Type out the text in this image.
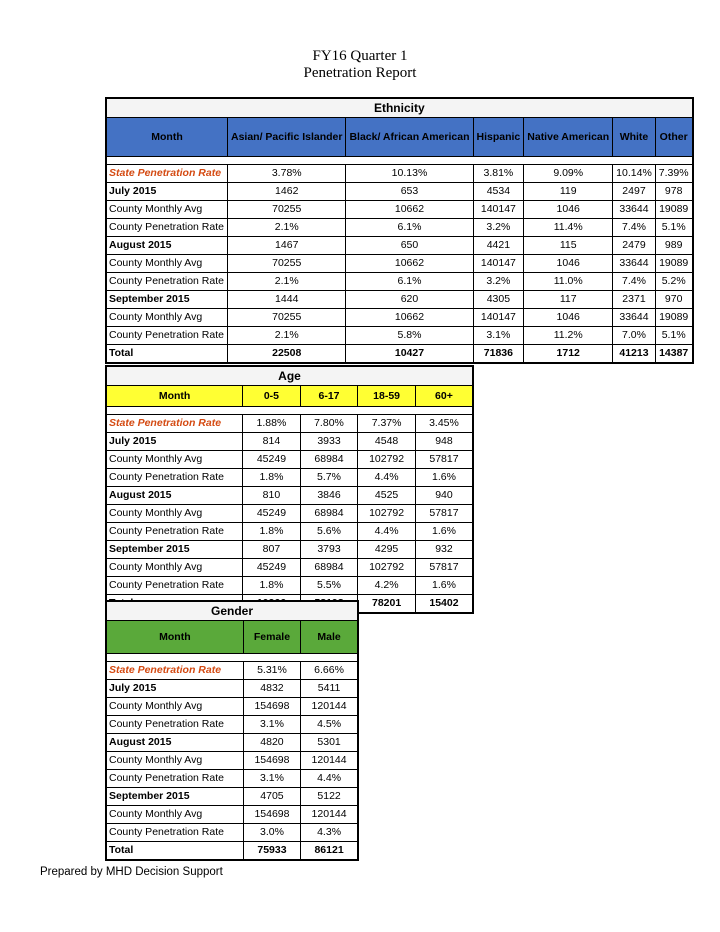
FY16 Quarter 1
Penetration Report
Ethnicity						
Month	Asian/ Pacific Islander	Black/ African American	Hispanic	Native American	White	Other

State Penetration Rate	3.78%	10.13%	3.81%	9.09%	10.14%	7.39%
July 2015	1462	653	4534	119	2497	978
County Monthly Avg	70255	10662	140147	1046	33644	19089
County Penetration Rate	2.1%	6.1%	3.2%	11.4%	7.4%	5.1%
August 2015	1467	650	4421	115	2479	989
County Monthly Avg	70255	10662	140147	1046	33644	19089
County Penetration Rate	2.1%	6.1%	3.2%	11.0%	7.4%	5.2%
September 2015	1444	620	4305	117	2371	970
County Monthly Avg	70255	10662	140147	1046	33644	19089
County Penetration Rate	2.1%	5.8%	3.1%	11.2%	7.0%	5.1%
Total	22508	10427	71836	1712	41213	14387
Age				
Month	0-5	6-17	18-59	60+

State Penetration Rate	1.88%	7.80%	7.37%	3.45%
July 2015	814	3933	4548	948
County Monthly Avg	45249	68984	102792	57817
County Penetration Rate	1.8%	5.7%	4.4%	1.6%
August 2015	810	3846	4525	940
County Monthly Avg	45249	68984	102792	57817
County Penetration Rate	1.8%	5.6%	4.4%	1.6%
September 2015	807	3793	4295	932
County Monthly Avg	45249	68984	102792	57817
County Penetration Rate	1.8%	5.5%	4.2%	1.6%
			78201	15402
Gender		
Month	Female	Male

State Penetration Rate	5.31%	6.66%
July 2015	4832	5411
County Monthly Avg	154698	120144
County Penetration Rate	3.1%	4.5%
August 2015	4820	5301
County Monthly Avg	154698	120144
County Penetration Rate	3.1%	4.4%
September 2015	4705	5122
County Monthly Avg	154698	120144
County Penetration Rate	3.0%	4.3%
Total	75933	86121
Prepared by MHD Decision Support
